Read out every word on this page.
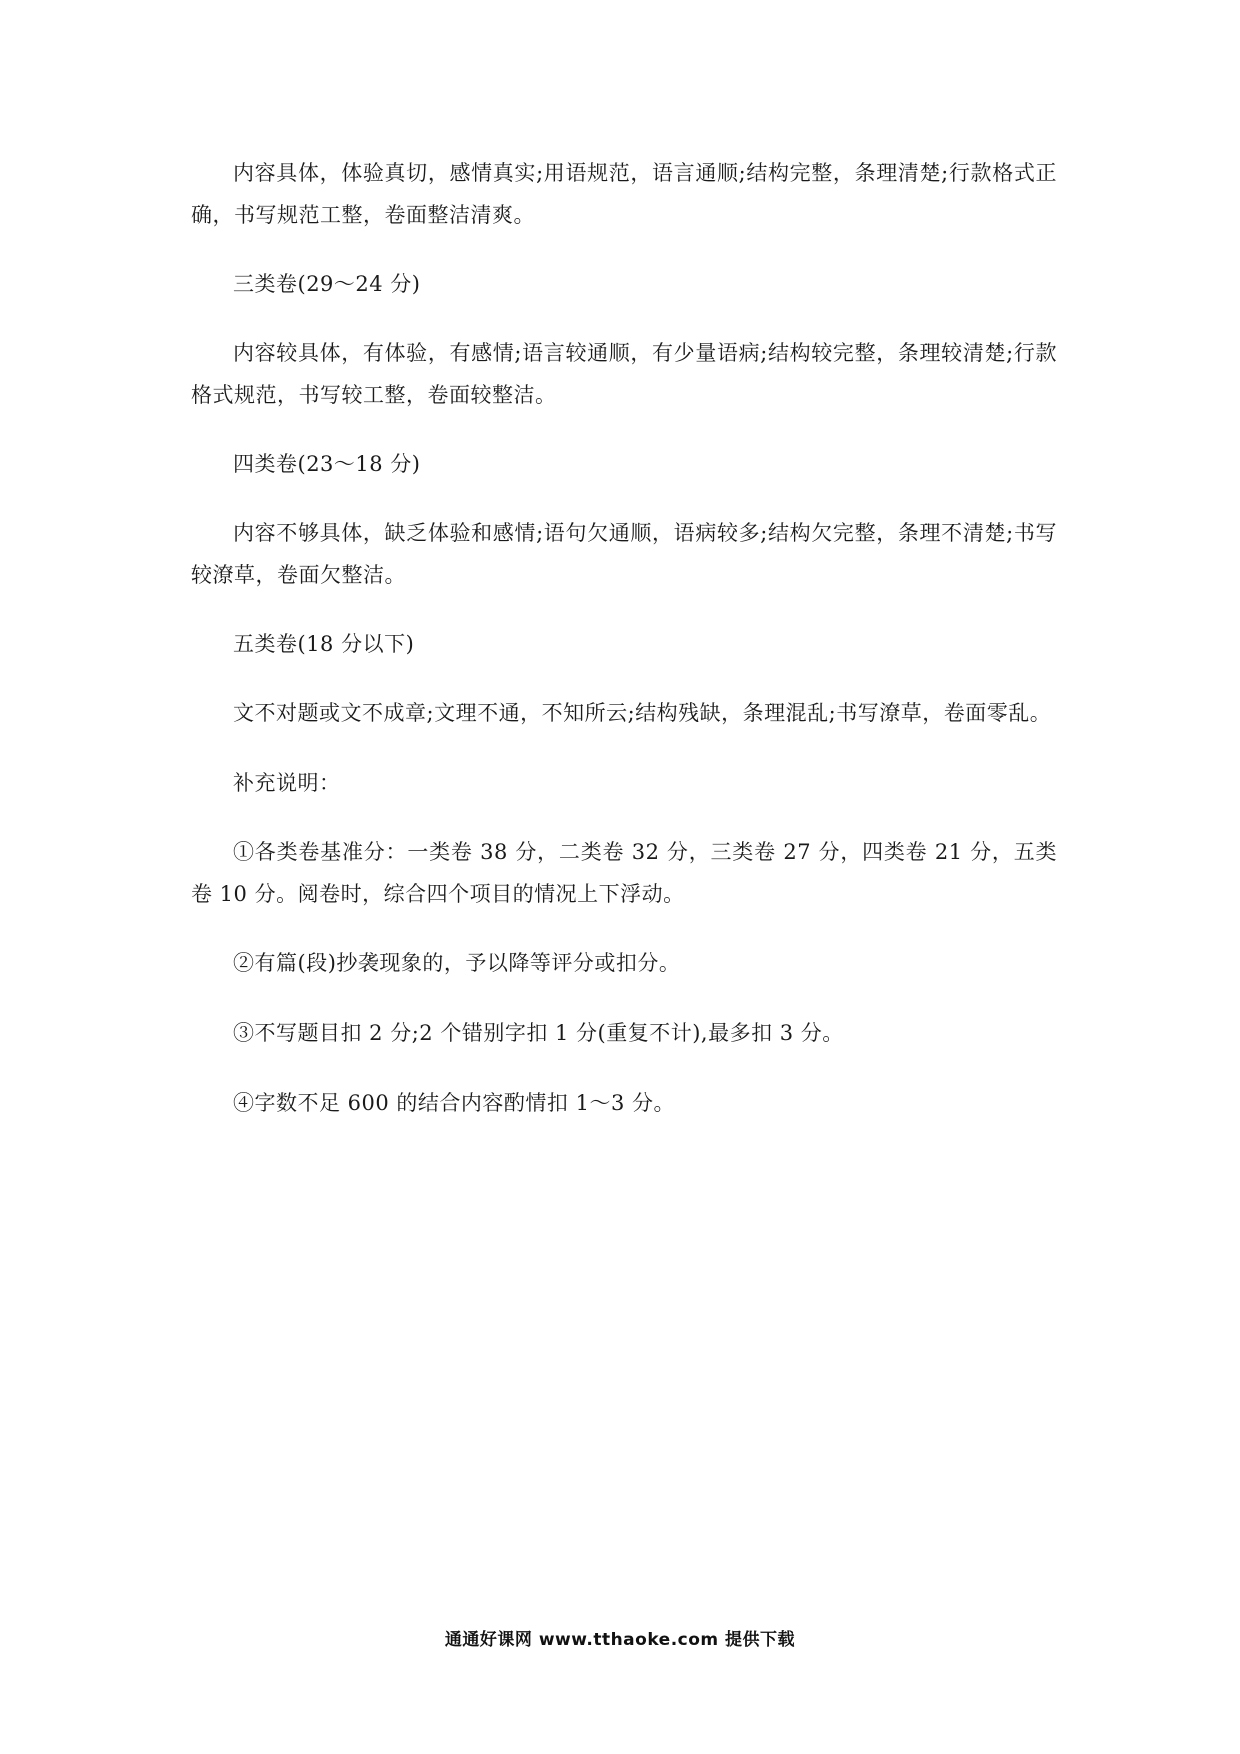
内容具体，体验真切，感情真实;用语规范，语言通顺;结构完整，条理清楚;行款格式正确，书写规范工整，卷面整洁清爽。

三类卷(29～24 分)

内容较具体，有体验，有感情;语言较通顺，有少量语病;结构较完整，条理较清楚;行款格式规范，书写较工整，卷面较整洁。

四类卷(23～18 分)

内容不够具体，缺乏体验和感情;语句欠通顺，语病较多;结构欠完整，条理不清楚;书写较潦草，卷面欠整洁。

五类卷(18 分以下)

文不对题或文不成章;文理不通，不知所云;结构残缺，条理混乱;书写潦草，卷面零乱。

补充说明：

①各类卷基准分：一类卷 38 分，二类卷 32 分，三类卷 27 分，四类卷 21 分，五类卷 10 分。阅卷时，综合四个项目的情况上下浮动。

②有篇(段)抄袭现象的，予以降等评分或扣分。

③不写题目扣 2 分;2 个错别字扣 1 分(重复不计),最多扣 3 分。

④字数不足 600 的结合内容酌情扣 1～3 分。

通通好课网 www.tthaoke.com 提供下载
